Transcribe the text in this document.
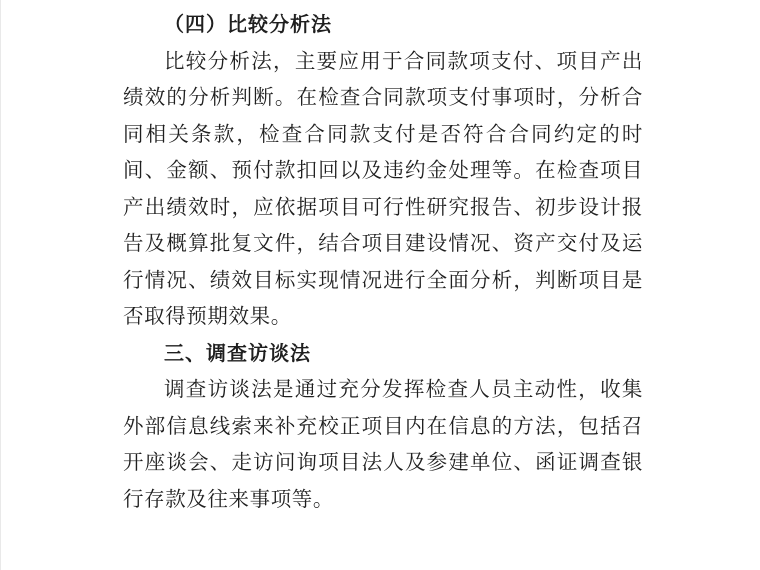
（四）比较分析法

比较分析法，主要应用于合同款项支付、项目产出绩效的分析判断。在检查合同款项支付事项时，分析合同相关条款，检查合同款支付是否符合合同约定的时间、金额、预付款扣回以及违约金处理等。在检查项目产出绩效时，应依据项目可行性研究报告、初步设计报告及概算批复文件，结合项目建设情况、资产交付及运行情况、绩效目标实现情况进行全面分析，判断项目是否取得预期效果。

三、调查访谈法

调查访谈法是通过充分发挥检查人员主动性，收集外部信息线索来补充校正项目内在信息的方法，包括召开座谈会、走访问询项目法人及参建单位、函证调查银行存款及往来事项等。
